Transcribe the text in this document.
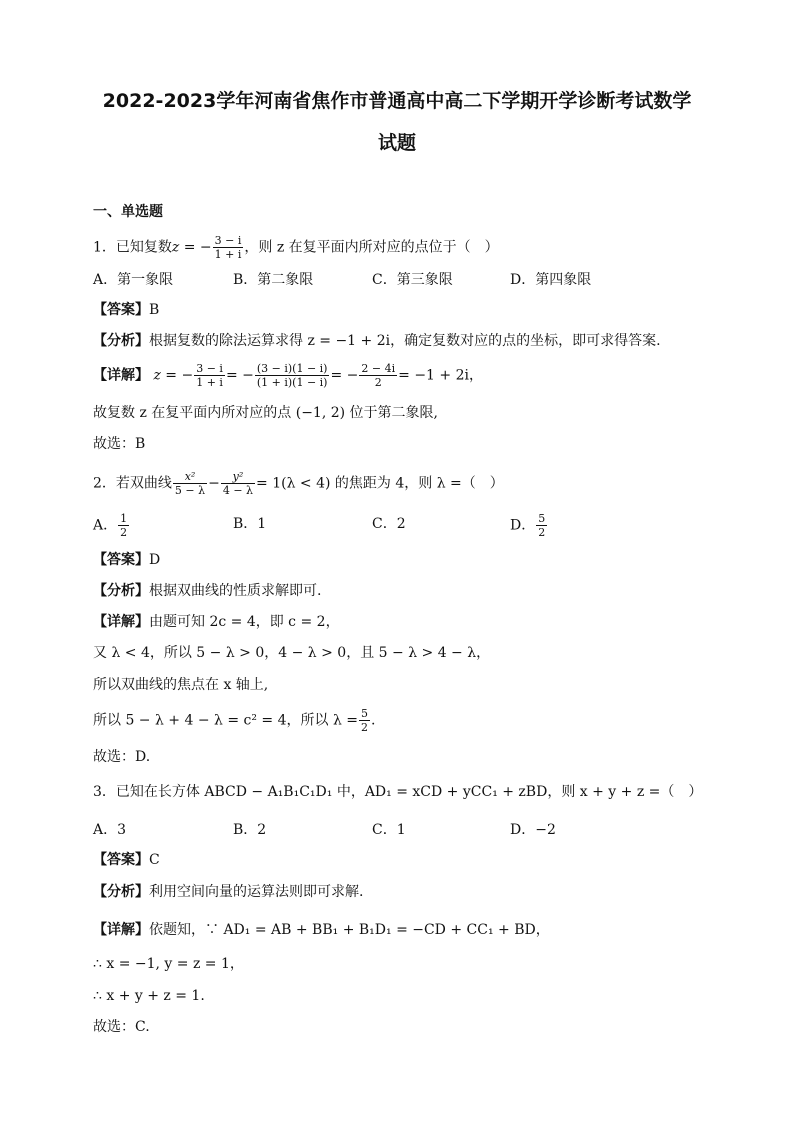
2022-2023学年河南省焦作市普通高中高二下学期开学诊断考试数学
试题
一、单选题
1．已知复数z = − $\frac{3 - i}{1 + i}$ ，则 z 在复平面内所对应的点位于（　）
A．第一象限	B．第二象限	C．第三象限	D．第四象限
【答案】B
【分析】根据复数的除法运算求得 z = −1 + 2i，确定复数对应的点的坐标，即可求得答案.
【详解】 z = − $\frac{3 - i}{1 + i}$ = − $\frac{(3 - i)(1 - i)}{(1 + i)(1 - i)}$ = − $\frac{2 - 4i}{2} = -1 + 2i$，
故复数 z 在复平面内所对应的点 (−1, 2) 位于第二象限,
故选：B
2．若双曲线 $\frac{\text{x²}}{5 - \lambda} - \frac{\text{y²}}{4 - \lambda} = 1(\lambda < 4)$ 的焦距为 4，则 λ =（　）
A． $\frac{1}{2}$	B．1	C．2	D． $\frac{5}{2}$
【答案】D
【分析】根据双曲线的性质求解即可.
【详解】由题可知 2c = 4，即 c = 2，
又 λ < 4，所以 5 − λ > 0，4 − λ > 0，且 5 − λ > 4 − λ，
所以双曲线的焦点在 x 轴上,
所以 5 − λ + 4 − λ = c² = 4，所以 $\lambda = \frac{5}{2}$ .
故选：D.
3．已知在长方体 ABCD − A₁B₁C₁D₁ 中，AD₁ = xCD + yCC₁ + zBD，则 x + y + z =（　）
A．3	B．2	C．1	D．−2
【答案】C
【分析】利用空间向量的运算法则即可求解.
【详解】依题知，∵ AD₁ = AB + BB₁ + B₁D₁ = −CD + CC₁ + BD，
∴ x = −1, y = z = 1，
∴ x + y + z = 1.
故选：C.
